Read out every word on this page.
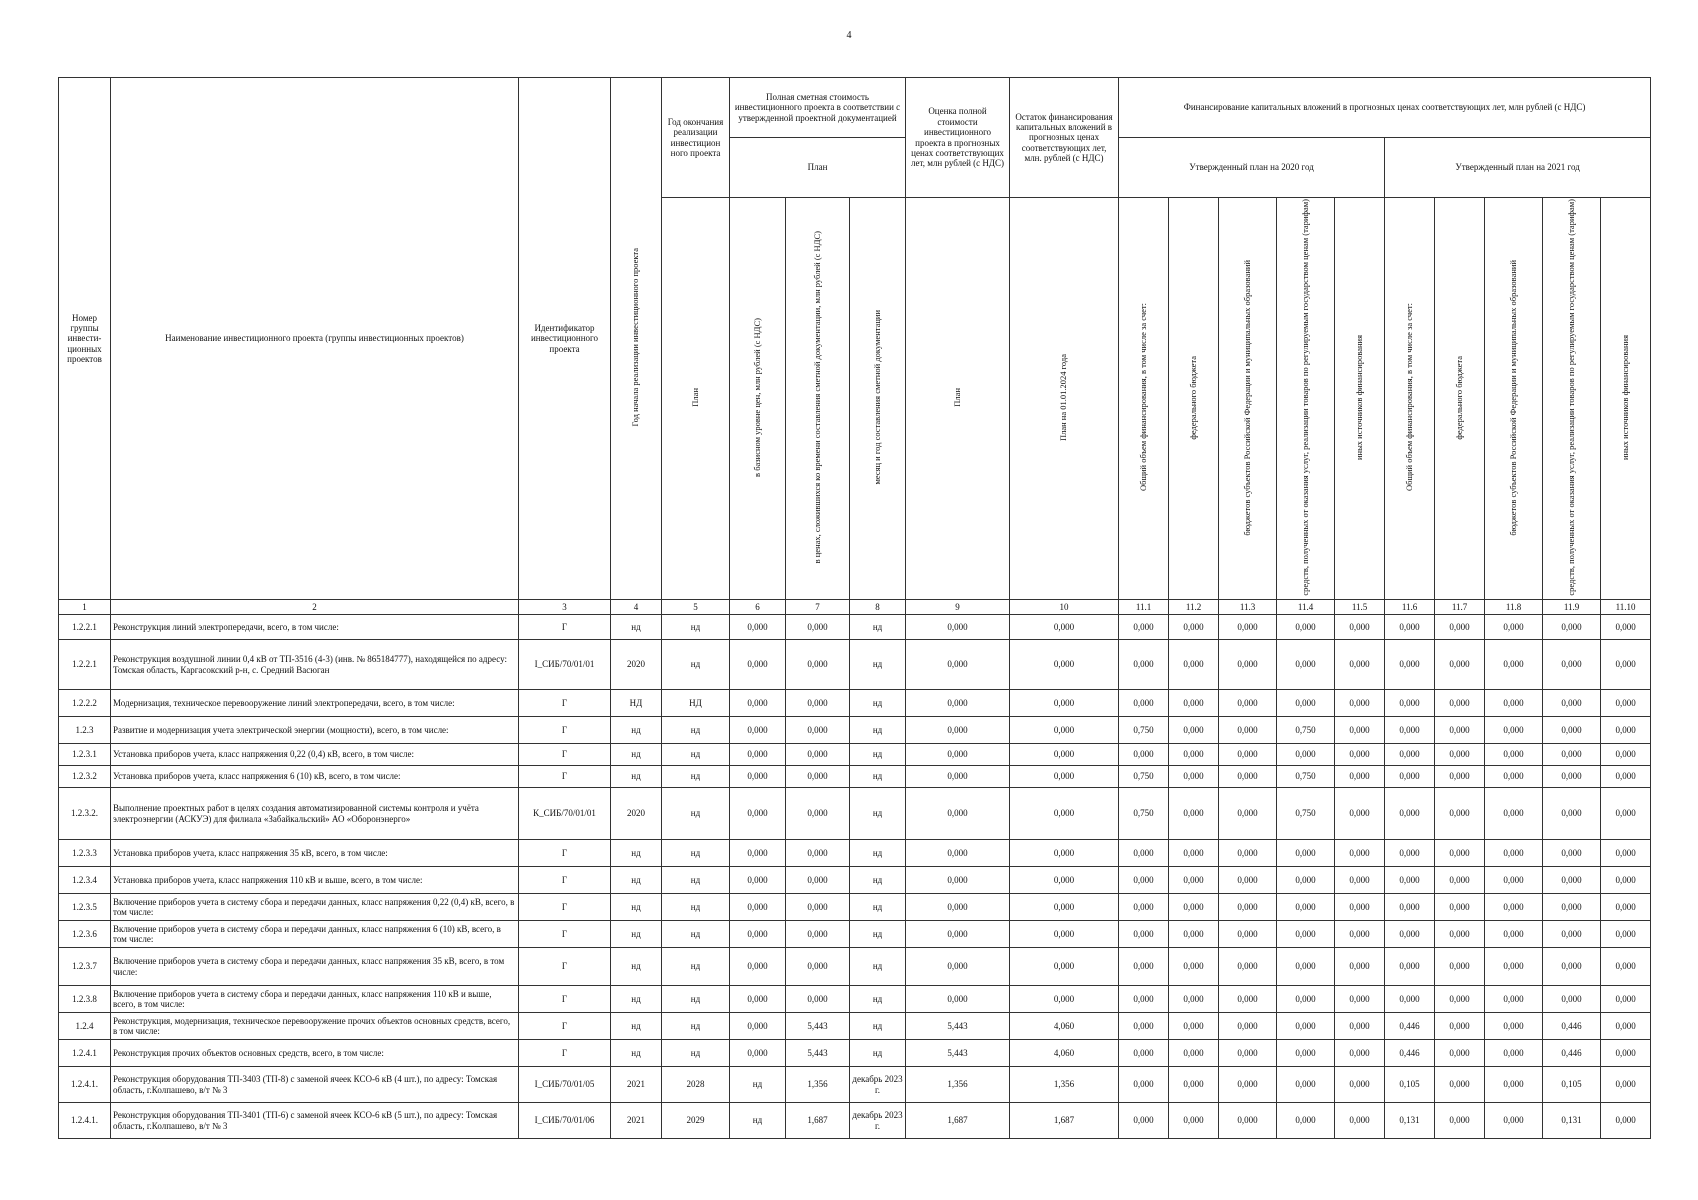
4
Номер группы инвести- ционных проектов	Наименование инвестиционного проекта (группы инвестиционных проектов)	Идентификатор инвестиционного проекта	Год начала реализации инвестиционного проекта	Год окончания реализации инвестицион ного проекта	Полная сметная стоимость инвестиционного проекта в соответствии с утвержденной проектной документацией			Оценка полной стоимости инвестиционного проекта в прогнозных ценах соответствующих лет, млн рублей (с НДС)	Остаток финансирования капитальных вложений в прогнозных ценах соответствующих лет, млн. рублей (с НДС)	Финансирование капитальных вложений в прогнозных ценах соответствующих лет, млн рублей (с НДС)									
					План					Утвержденный план на 2020 год					Утвержденный план на 2021 год				
				План	в базисном уровне цен, млн рублей (с НДС)	в ценах, сложившихся ко времени составления сметной документации, млн рублей (с НДС)	месяц и год составления сметной документации	План	План на 01.01.2024 года	Общий объем финансирования, в том числе за счет:	федерального бюджета	бюджетов субъектов Российской Федерации и муниципальных образований	средств, полученных от оказания услуг, реализации товаров по регулируемым государством ценам (тарифам)	иных источников финансирования	Общий объем финансирования, в том числе за счет:	федерального бюджета	бюджетов субъектов Российской Федерации и муниципальных образований	средств, полученных от оказания услуг, реализации товаров по регулируемым государством ценам (тарифам)	иных источников финансирования
1	2	3	4	5	6	7	8	9	10	11.1	11.2	11.3	11.4	11.5	11.6	11.7	11.8	11.9	11.10
1.2.2.1	Реконструкция линий электропередачи, всего, в том числе:	Г	нд	нд	0,000	0,000	нд	0,000	0,000	0,000	0,000	0,000	0,000	0,000	0,000	0,000	0,000	0,000	0,000
1.2.2.1	Реконструкция воздушной линии 0,4 кВ от ТП-3516 (4-3) (инв. № 865184777), находящейся по адресу: Томская область, Каргасокский р-н, с. Средний Васюган	I_СИБ/70/01/01	2020	нд	0,000	0,000	нд	0,000	0,000	0,000	0,000	0,000	0,000	0,000	0,000	0,000	0,000	0,000	0,000
1.2.2.2	Модернизация, техническое перевооружение линий электропередачи, всего, в том числе:	Г	НД	НД	0,000	0,000	нд	0,000	0,000	0,000	0,000	0,000	0,000	0,000	0,000	0,000	0,000	0,000	0,000
1.2.3	Развитие и модернизация учета электрической энергии (мощности), всего, в том числе:	Г	нд	нд	0,000	0,000	нд	0,000	0,000	0,750	0,000	0,000	0,750	0,000	0,000	0,000	0,000	0,000	0,000
1.2.3.1	Установка приборов учета, класс напряжения 0,22 (0,4) кВ, всего, в том числе:	Г	нд	нд	0,000	0,000	нд	0,000	0,000	0,000	0,000	0,000	0,000	0,000	0,000	0,000	0,000	0,000	0,000
1.2.3.2	Установка приборов учета, класс напряжения 6 (10) кВ, всего, в том числе:	Г	нд	нд	0,000	0,000	нд	0,000	0,000	0,750	0,000	0,000	0,750	0,000	0,000	0,000	0,000	0,000	0,000
1.2.3.2.	Выполнение проектных работ в целях создания автоматизированной системы контроля и учёта электроэнергии (АСКУЭ) для филиала «Забайкальский» АО «Оборонэнерго»	К_СИБ/70/01/01	2020	нд	0,000	0,000	нд	0,000	0,000	0,750	0,000	0,000	0,750	0,000	0,000	0,000	0,000	0,000	0,000
1.2.3.3	Установка приборов учета, класс напряжения 35 кВ, всего, в том числе:	Г	нд	нд	0,000	0,000	нд	0,000	0,000	0,000	0,000	0,000	0,000	0,000	0,000	0,000	0,000	0,000	0,000
1.2.3.4	Установка приборов учета, класс напряжения 110 кВ и выше, всего, в том числе:	Г	нд	нд	0,000	0,000	нд	0,000	0,000	0,000	0,000	0,000	0,000	0,000	0,000	0,000	0,000	0,000	0,000
1.2.3.5	Включение приборов учета в систему сбора и передачи данных, класс напряжения 0,22 (0,4) кВ, всего, в том числе:	Г	нд	нд	0,000	0,000	нд	0,000	0,000	0,000	0,000	0,000	0,000	0,000	0,000	0,000	0,000	0,000	0,000
1.2.3.6	Включение приборов учета в систему сбора и передачи данных, класс напряжения 6 (10) кВ, всего, в том числе:	Г	нд	нд	0,000	0,000	нд	0,000	0,000	0,000	0,000	0,000	0,000	0,000	0,000	0,000	0,000	0,000	0,000
1.2.3.7	Включение приборов учета в систему сбора и передачи данных, класс напряжения 35 кВ, всего, в том числе:	Г	нд	нд	0,000	0,000	нд	0,000	0,000	0,000	0,000	0,000	0,000	0,000	0,000	0,000	0,000	0,000	0,000
1.2.3.8	Включение приборов учета в систему сбора и передачи данных, класс напряжения 110 кВ и выше, всего, в том числе:	Г	нд	нд	0,000	0,000	нд	0,000	0,000	0,000	0,000	0,000	0,000	0,000	0,000	0,000	0,000	0,000	0,000
1.2.4	Реконструкция, модернизация, техническое перевооружение прочих объектов основных средств, всего, в том числе:	Г	нд	нд	0,000	5,443	нд	5,443	4,060	0,000	0,000	0,000	0,000	0,000	0,446	0,000	0,000	0,446	0,000
1.2.4.1	Реконструкция прочих объектов основных средств, всего, в том числе:	Г	нд	нд	0,000	5,443	нд	5,443	4,060	0,000	0,000	0,000	0,000	0,000	0,446	0,000	0,000	0,446	0,000
1.2.4.1.	Реконструкция оборудования ТП-3403 (ТП-8) с заменой ячеек КСО-6 кВ (4 шт.), по адресу: Томская область, г.Колпашево, в/т № 3	I_СИБ/70/01/05	2021	2028	нд	1,356	декабрь 2023 г.	1,356	1,356	0,000	0,000	0,000	0,000	0,000	0,105	0,000	0,000	0,105	0,000
1.2.4.1.	Реконструкция оборудования ТП-3401 (ТП-6) с заменой ячеек КСО-6 кВ (5 шт.), по адресу: Томская область, г.Колпашево, в/т № 3	I_СИБ/70/01/06	2021	2029	нд	1,687	декабрь 2023 г.	1,687	1,687	0,000	0,000	0,000	0,000	0,000	0,131	0,000	0,000	0,131	0,000
